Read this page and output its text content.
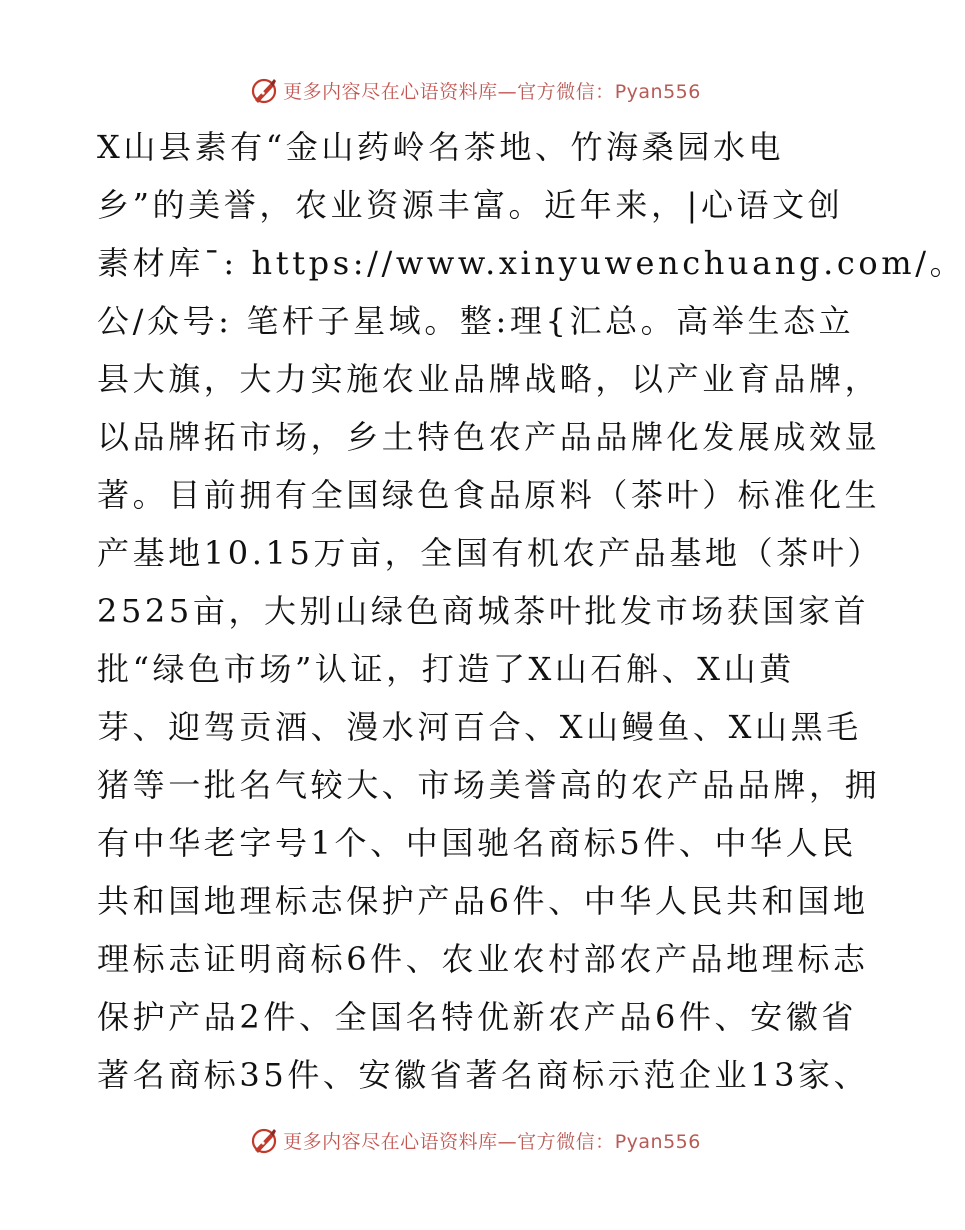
更多内容尽在心语资料库—官方微信：Pyan556
X山县素有“金山药岭名茶地、竹海桑园水电
乡”的美誉，农业资源丰富。近年来，|心语文创
素材库¯: https://www.xinyuwenchuang.com/。
公/众号: 笔杆子星域。整:理{汇总。高举生态立
县大旗，大力实施农业品牌战略，以产业育品牌，
以品牌拓市场，乡土特色农产品品牌化发展成效显
著。目前拥有全国绿色食品原料（茶叶）标准化生
产基地10.15万亩，全国有机农产品基地（茶叶）
2525亩，大别山绿色商城茶叶批发市场获国家首
批“绿色市场”认证，打造了X山石斛、X山黄
芽、迎驾贡酒、漫水河百合、X山鳗鱼、X山黑毛
猪等一批名气较大、市场美誉高的农产品品牌，拥
有中华老字号1个、中国驰名商标5件、中华人民
共和国地理标志保护产品6件、中华人民共和国地
理标志证明商标6件、农业农村部农产品地理标志
保护产品2件、全国名特优新农产品6件、安徽省
著名商标35件、安徽省著名商标示范企业13家、
更多内容尽在心语资料库—官方微信：Pyan556
